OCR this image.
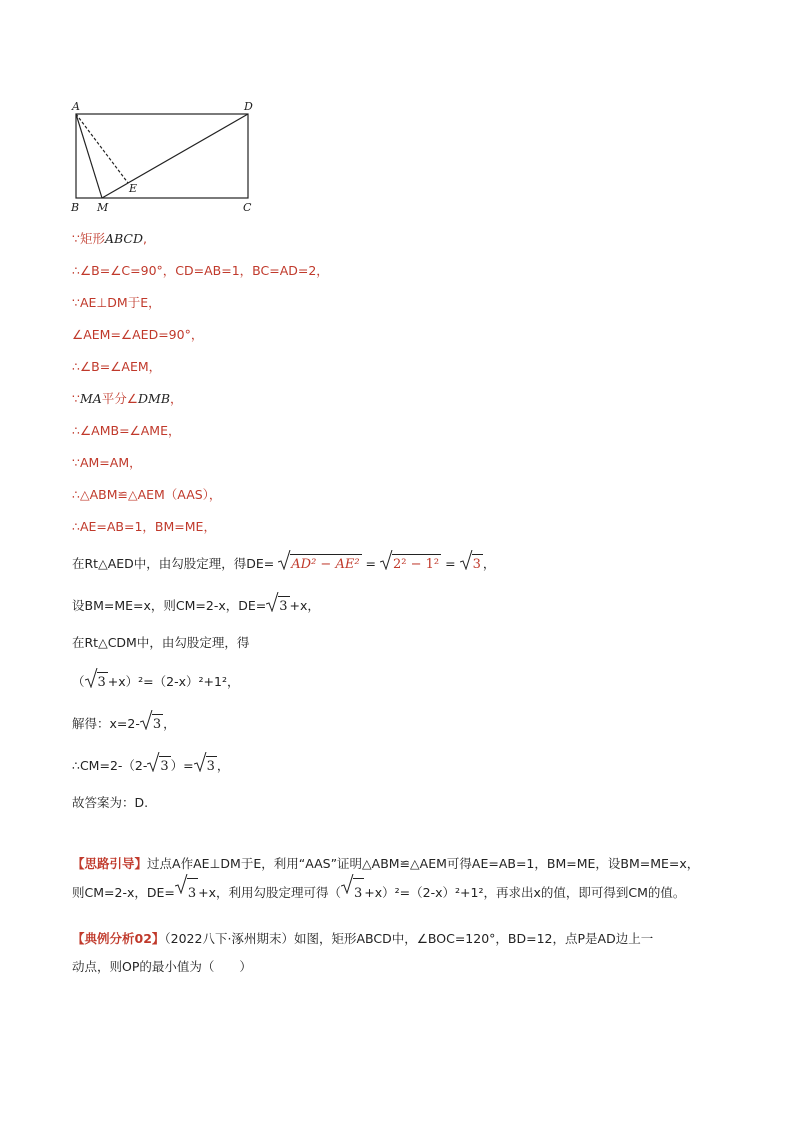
A	D
B M
E
C
∵矩形ABCD,
∴∠B=∠C=90°，CD=AB=1，BC=AD=2，
∵AE⊥DM于E，
∠AEM=∠AED=90°，
∴∠B=∠AEM，
∵MA平分∠DMB，
∴∠AMB=∠AME，
∵AM=AM，
∴△ABM≌△AEM（AAS），
∴AE=AB=1，BM=ME，
在Rt△AED中，由勾股定理，得DE= AD² − AE² = 2² − 1² = 3 ，
设BM=ME=x，则CM=2-x，DE= 3 +x，
在Rt△CDM中，由勾股定理，得
（ 3 +x）²=（2-x）²+1²，
解得：x=2- 3 ，
∴CM=2-（2- 3 ）= 3 ，
故答案为：D.
【思路引导】过点A作AE⊥DM于E，利用“AAS”证明△ABM≌△AEM可得AE=AB=1，BM=ME，设BM=ME=x，
则CM=2-x，DE= 3 +x，利用勾股定理可得（ 3 +x）²=（2-x）²+1²，再求出x的值，即可得到CM的值。
【典例分析02】（2022八下·涿州期末）如图，矩形ABCD中，∠BOC=120°，BD=12，点P是AD边上一
动点，则OP的最小值为（　　）
